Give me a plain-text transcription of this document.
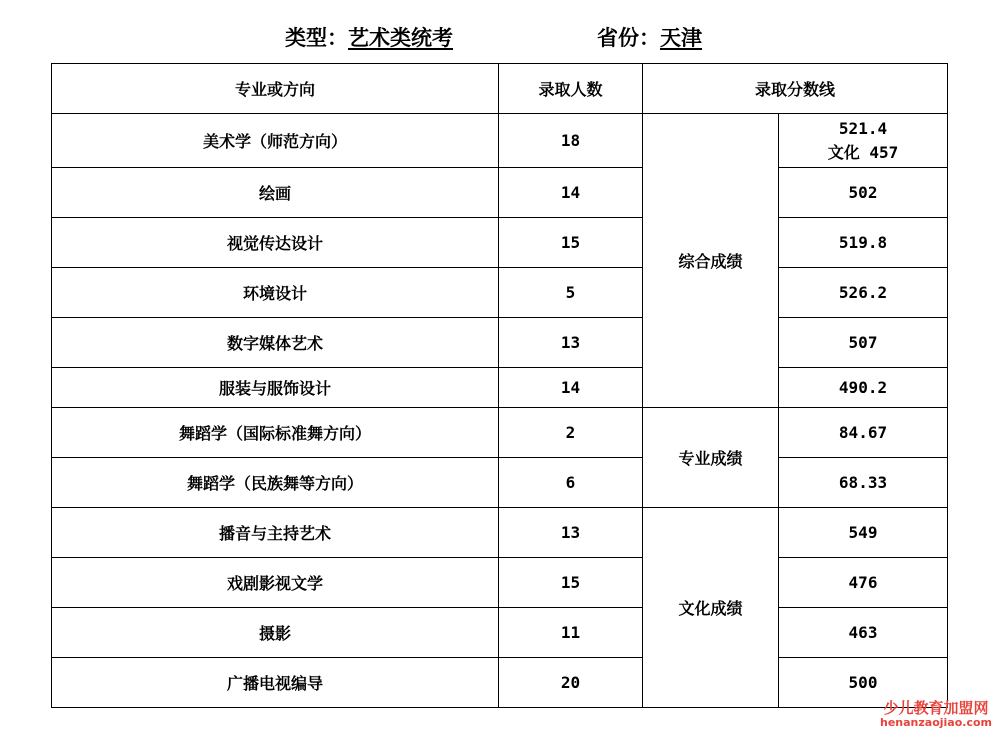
类型：艺术类统考	省份：天津
专业或方向	录取人数	录取分数线	
美术学（师范方向）	18	综合成绩	521.4
文化 457

绘画	14		502
视觉传达设计	15		519.8
环境设计	5		526.2
数字媒体艺术	13		507
服装与服饰设计	14		490.2
舞蹈学（国际标准舞方向）	2	专业成绩	84.67
舞蹈学（民族舞等方向）	6		68.33
播音与主持艺术	13	文化成绩	549
戏剧影视文学	15		476
摄影	11		463
广播电视编导	20		500
少儿教育加盟网
henanzaojiao.com
